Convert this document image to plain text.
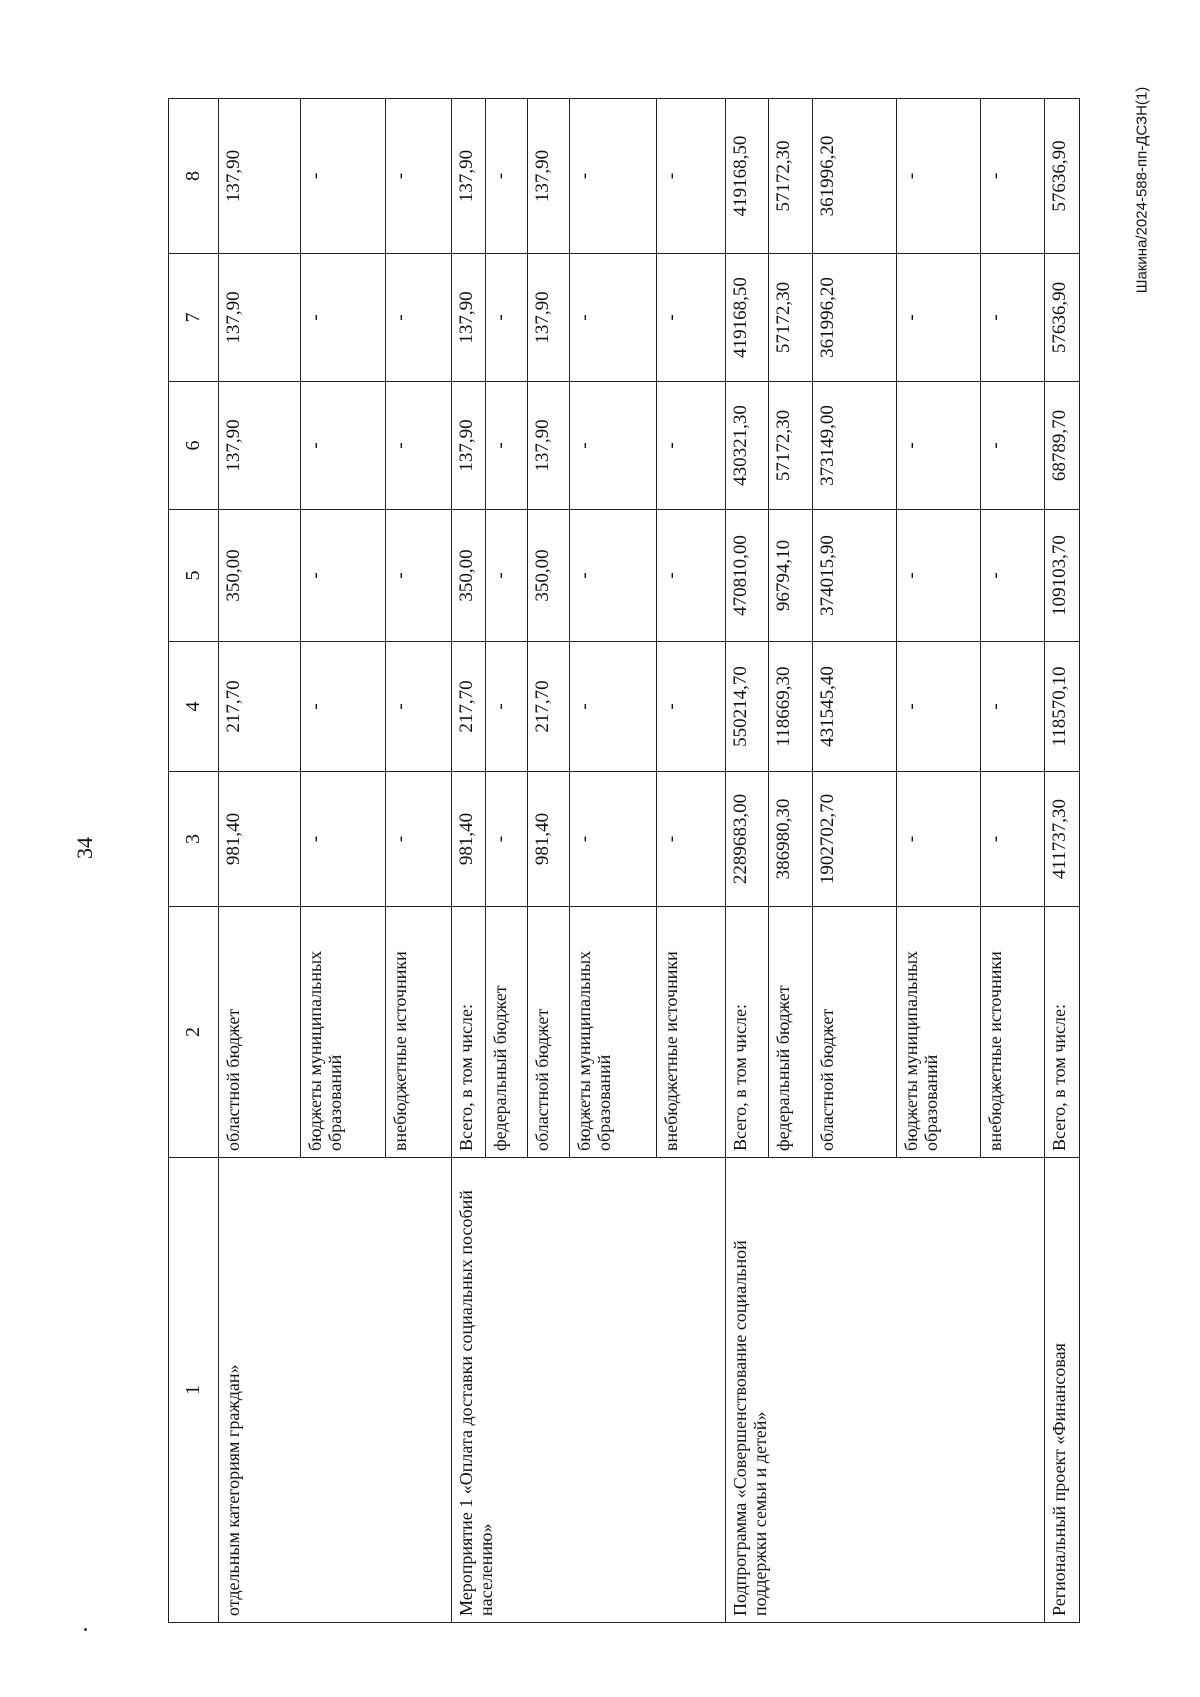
34
Шакина/2024-588-пп-ДСЗН(1)
1	2	3	4	5	6	7	8
отдельным категориям граждан»	областной бюджет	981,40	217,70	350,00	137,90	137,90	137,90
	бюджеты муниципальных образований	-	-	-	-	-	-
	внебюджетные источники	-	-	-	-	-	-
Мероприятие 1 «Оплата доставки социальных пособий населению»	Всего, в том числе:	981,40	217,70	350,00	137,90	137,90	137,90
	федеральный бюджет	-	-	-	-	-	-
	областной бюджет	981,40	217,70	350,00	137,90	137,90	137,90
	бюджеты муниципальных образований	-	-	-	-	-	-
	внебюджетные источники	-	-	-	-	-	-
Подпрограмма «Совершенствование социальной поддержки семьи и детей»	Всего, в том числе:	2289683,00	550214,70	470810,00	430321,30	419168,50	419168,50
	федеральный бюджет	386980,30	118669,30	96794,10	57172,30	57172,30	57172,30
	областной бюджет	1902702,70	431545,40	374015,90	373149,00	361996,20	361996,20
	бюджеты муниципальных образований	-	-	-	-	-	-
	внебюджетные источники	-	-	-	-	-	-
Региональный проект «Финансовая	Всего, в том числе:	411737,30	118570,10	109103,70	68789,70	57636,90	57636,90
